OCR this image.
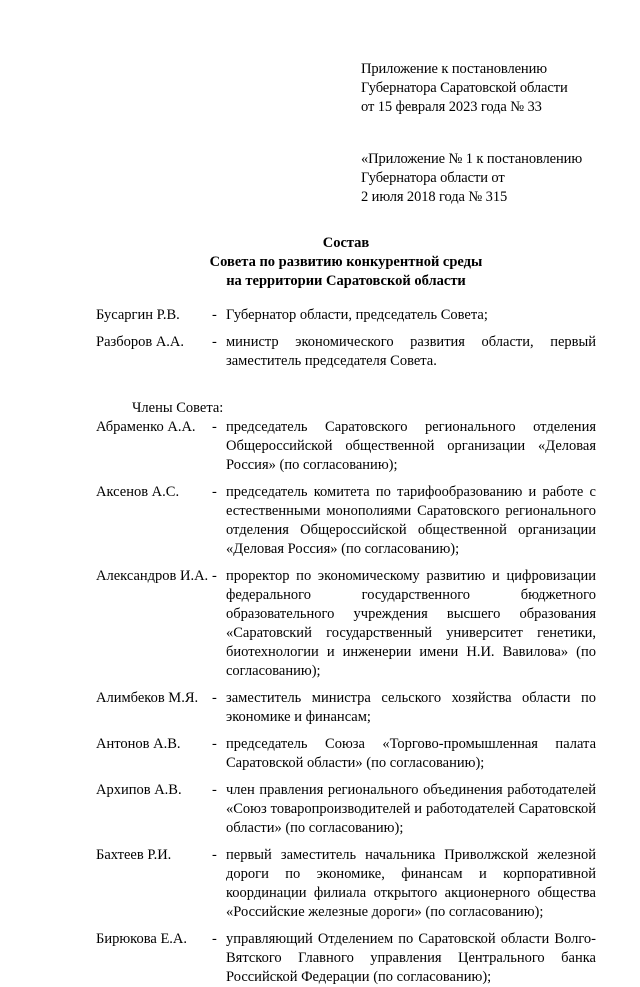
Приложение к постановлению
Губернатора Саратовской области
от 15 февраля 2023 года № 33
«Приложение № 1 к постановлению
Губернатора области от
2 июля 2018 года № 315
Состав
Совета по развитию конкурентной среды
на территории Саратовской области
Бусаргин Р.В.	- Губернатор области, председатель Совета;
Разборов А.А.	- министр экономического развития области, первый заместитель председателя Совета.
Члены Совета:
Абраменко А.А.	- председатель Саратовского регионального отделения Общероссийской общественной организации «Деловая Россия» (по согласованию);
Аксенов А.С.	- председатель комитета по тарифообразованию и работе с естественными монополиями Саратовского регионального отделения Общероссийской общественной организации «Деловая Россия» (по согласованию);
Александров И.А. - проректор по экономическому развитию и цифровизации федерального государственного бюджетного образовательного учреждения высшего образования «Саратовский государственный университет генетики, биотехнологии и инженерии имени Н.И. Вавилова» (по согласованию);
Алимбеков М.Я. - заместитель министра сельского хозяйства области по экономике и финансам;
Антонов А.В.	- председатель Союза «Торгово-промышленная палата Саратовской области» (по согласованию);
Архипов А.В.	- член правления регионального объединения работодателей «Союз товаропроизводителей и работодателей Саратовской области» (по согласованию);
Бахтеев Р.И.	- первый заместитель начальника Приволжской железной дороги по экономике, финансам и корпоративной координации филиала открытого акционерного общества «Российские железные дороги» (по согласованию);
Бирюкова Е.А.	- управляющий Отделением по Саратовской области Волго-Вятского Главного управления Центрального банка Российской Федерации (по согласованию);
